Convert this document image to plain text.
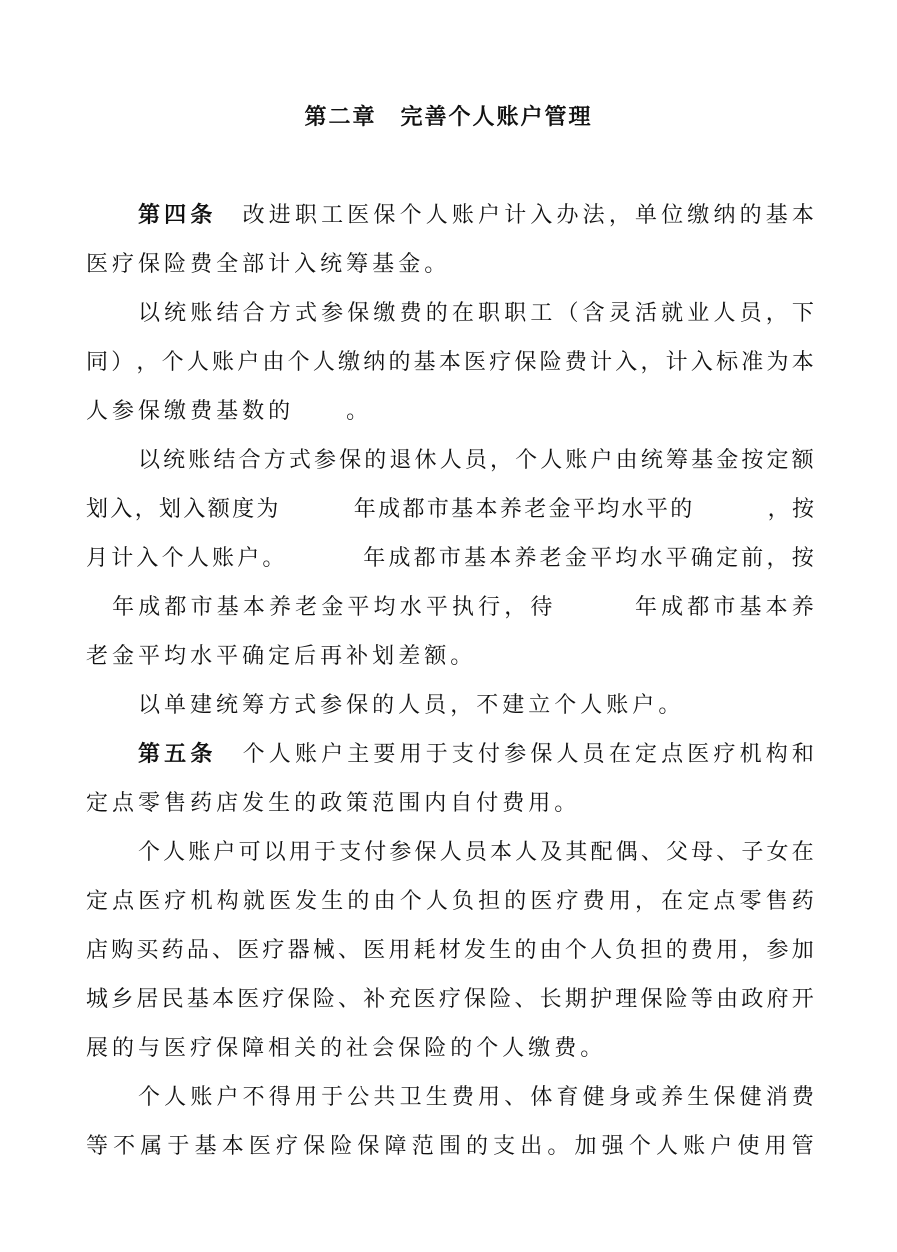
第二章　完善个人账户管理
第 四 条
　 改 进 职 工 医 保 个 人 账 户 计 入 办 法 ， 单 位 缴 纳 的 基 本
医 疗 保 险 费 全 部 计 入 统 筹 基 金 。
以 统 账 结 合 方 式 参 保 缴 费 的 在 职 职 工 （ 含 灵 活 就 业 人 员 ， 下
同 ） ， 个 人 账 户 由 个 人 缴 纳 的 基 本 医 疗 保 险 费 计 入 ， 计 入 标 准 为 本
人 参 保 缴 费 基 数 的

　 。
以 统 账 结 合 方 式 参 保 的 退 休 人 员 ， 个 人 账 户 由 统 筹 基 金 按 定 额
划 入 ， 划 入 额 度 为

　	年 成 都 市 基 本 养 老 金 平 均 水 平 的

　	， 按
月 计 入 个 人 账 户 。

　	年 成 都 市 基 本 养 老 金 平 均 水 平 确 定 前 ， 按

年 成 都 市 基 本 养 老 金 平 均 水 平 执 行 ， 待

　	年 成 都 市 基 本 养
老 金 平 均 水 平 确 定 后 再 补 划 差 额 。
以 单 建 统 筹 方 式 参 保 的 人 员 ， 不 建 立 个 人 账 户 。
第 五 条
　 个 人 账 户 主 要 用 于 支 付 参 保 人 员 在 定 点 医 疗 机 构 和
定 点 零 售 药 店 发 生 的 政 策 范 围 内 自 付 费 用 。
个 人 账 户 可 以 用 于 支 付 参 保 人 员 本 人 及 其 配 偶 、 父 母 、 子 女 在
定 点 医 疗 机 构 就 医 发 生 的 由 个 人 负 担 的 医 疗 费 用 ， 在 定 点 零 售 药
店 购 买 药 品 、 医 疗 器 械 、 医 用 耗 材 发 生 的 由 个 人 负 担 的 费 用 ， 参 加
城 乡 居 民 基 本 医 疗 保 险 、 补 充 医 疗 保 险 、 长 期 护 理 保 险 等 由 政 府 开
展 的 与 医 疗 保 障 相 关 的 社 会 保 险 的 个 人 缴 费 。
个 人 账 户 不 得 用 于 公 共 卫 生 费 用 、 体 育 健 身 或 养 生 保 健 消 费
等 不 属 于 基 本 医 疗 保 险 保 障 范 围 的 支 出 。 加 强 个 人 账 户 使 用 管
